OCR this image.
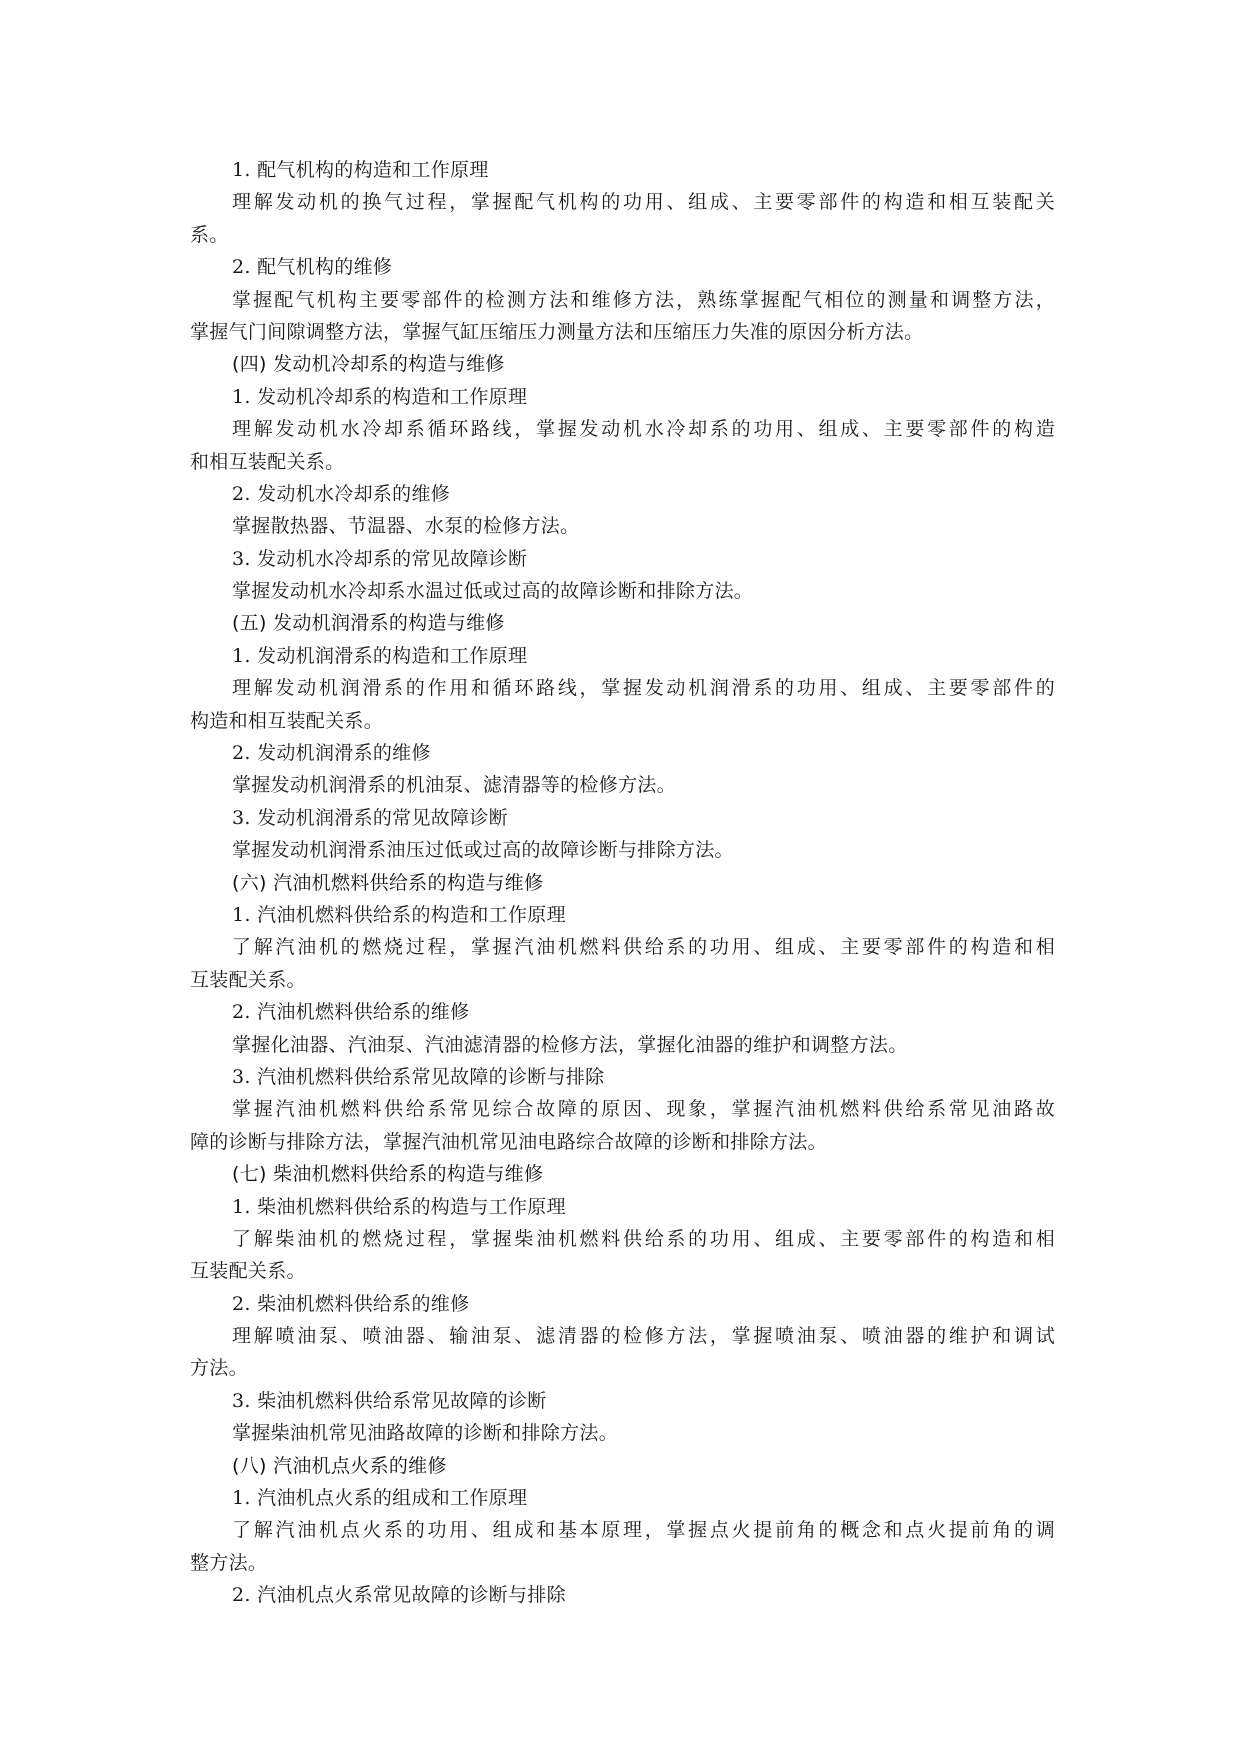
1. 配气机构的构造和工作原理
理解发动机的换气过程，掌握配气机构的功用、组成、主要零部件的构造和相互装配关
系。
2. 配气机构的维修
掌握配气机构主要零部件的检测方法和维修方法，熟练掌握配气相位的测量和调整方法，
掌握气门间隙调整方法，掌握气缸压缩压力测量方法和压缩压力失准的原因分析方法。
(四) 发动机冷却系的构造与维修
1. 发动机冷却系的构造和工作原理
理解发动机水冷却系循环路线，掌握发动机水冷却系的功用、组成、主要零部件的构造
和相互装配关系。
2. 发动机水冷却系的维修
掌握散热器、节温器、水泵的检修方法。
3. 发动机水冷却系的常见故障诊断
掌握发动机水冷却系水温过低或过高的故障诊断和排除方法。
(五) 发动机润滑系的构造与维修
1. 发动机润滑系的构造和工作原理
理解发动机润滑系的作用和循环路线，掌握发动机润滑系的功用、组成、主要零部件的
构造和相互装配关系。
2. 发动机润滑系的维修
掌握发动机润滑系的机油泵、滤清器等的检修方法。
3. 发动机润滑系的常见故障诊断
掌握发动机润滑系油压过低或过高的故障诊断与排除方法。
(六) 汽油机燃料供给系的构造与维修
1. 汽油机燃料供给系的构造和工作原理
了解汽油机的燃烧过程，掌握汽油机燃料供给系的功用、组成、主要零部件的构造和相
互装配关系。
2. 汽油机燃料供给系的维修
掌握化油器、汽油泵、汽油滤清器的检修方法，掌握化油器的维护和调整方法。
3. 汽油机燃料供给系常见故障的诊断与排除
掌握汽油机燃料供给系常见综合故障的原因、现象，掌握汽油机燃料供给系常见油路故
障的诊断与排除方法，掌握汽油机常见油电路综合故障的诊断和排除方法。
(七) 柴油机燃料供给系的构造与维修
1. 柴油机燃料供给系的构造与工作原理
了解柴油机的燃烧过程，掌握柴油机燃料供给系的功用、组成、主要零部件的构造和相
互装配关系。
2. 柴油机燃料供给系的维修
理解喷油泵、喷油器、输油泵、滤清器的检修方法，掌握喷油泵、喷油器的维护和调试
方法。
3. 柴油机燃料供给系常见故障的诊断
掌握柴油机常见油路故障的诊断和排除方法。
(八) 汽油机点火系的维修
1. 汽油机点火系的组成和工作原理
了解汽油机点火系的功用、组成和基本原理，掌握点火提前角的概念和点火提前角的调
整方法。
2. 汽油机点火系常见故障的诊断与排除
